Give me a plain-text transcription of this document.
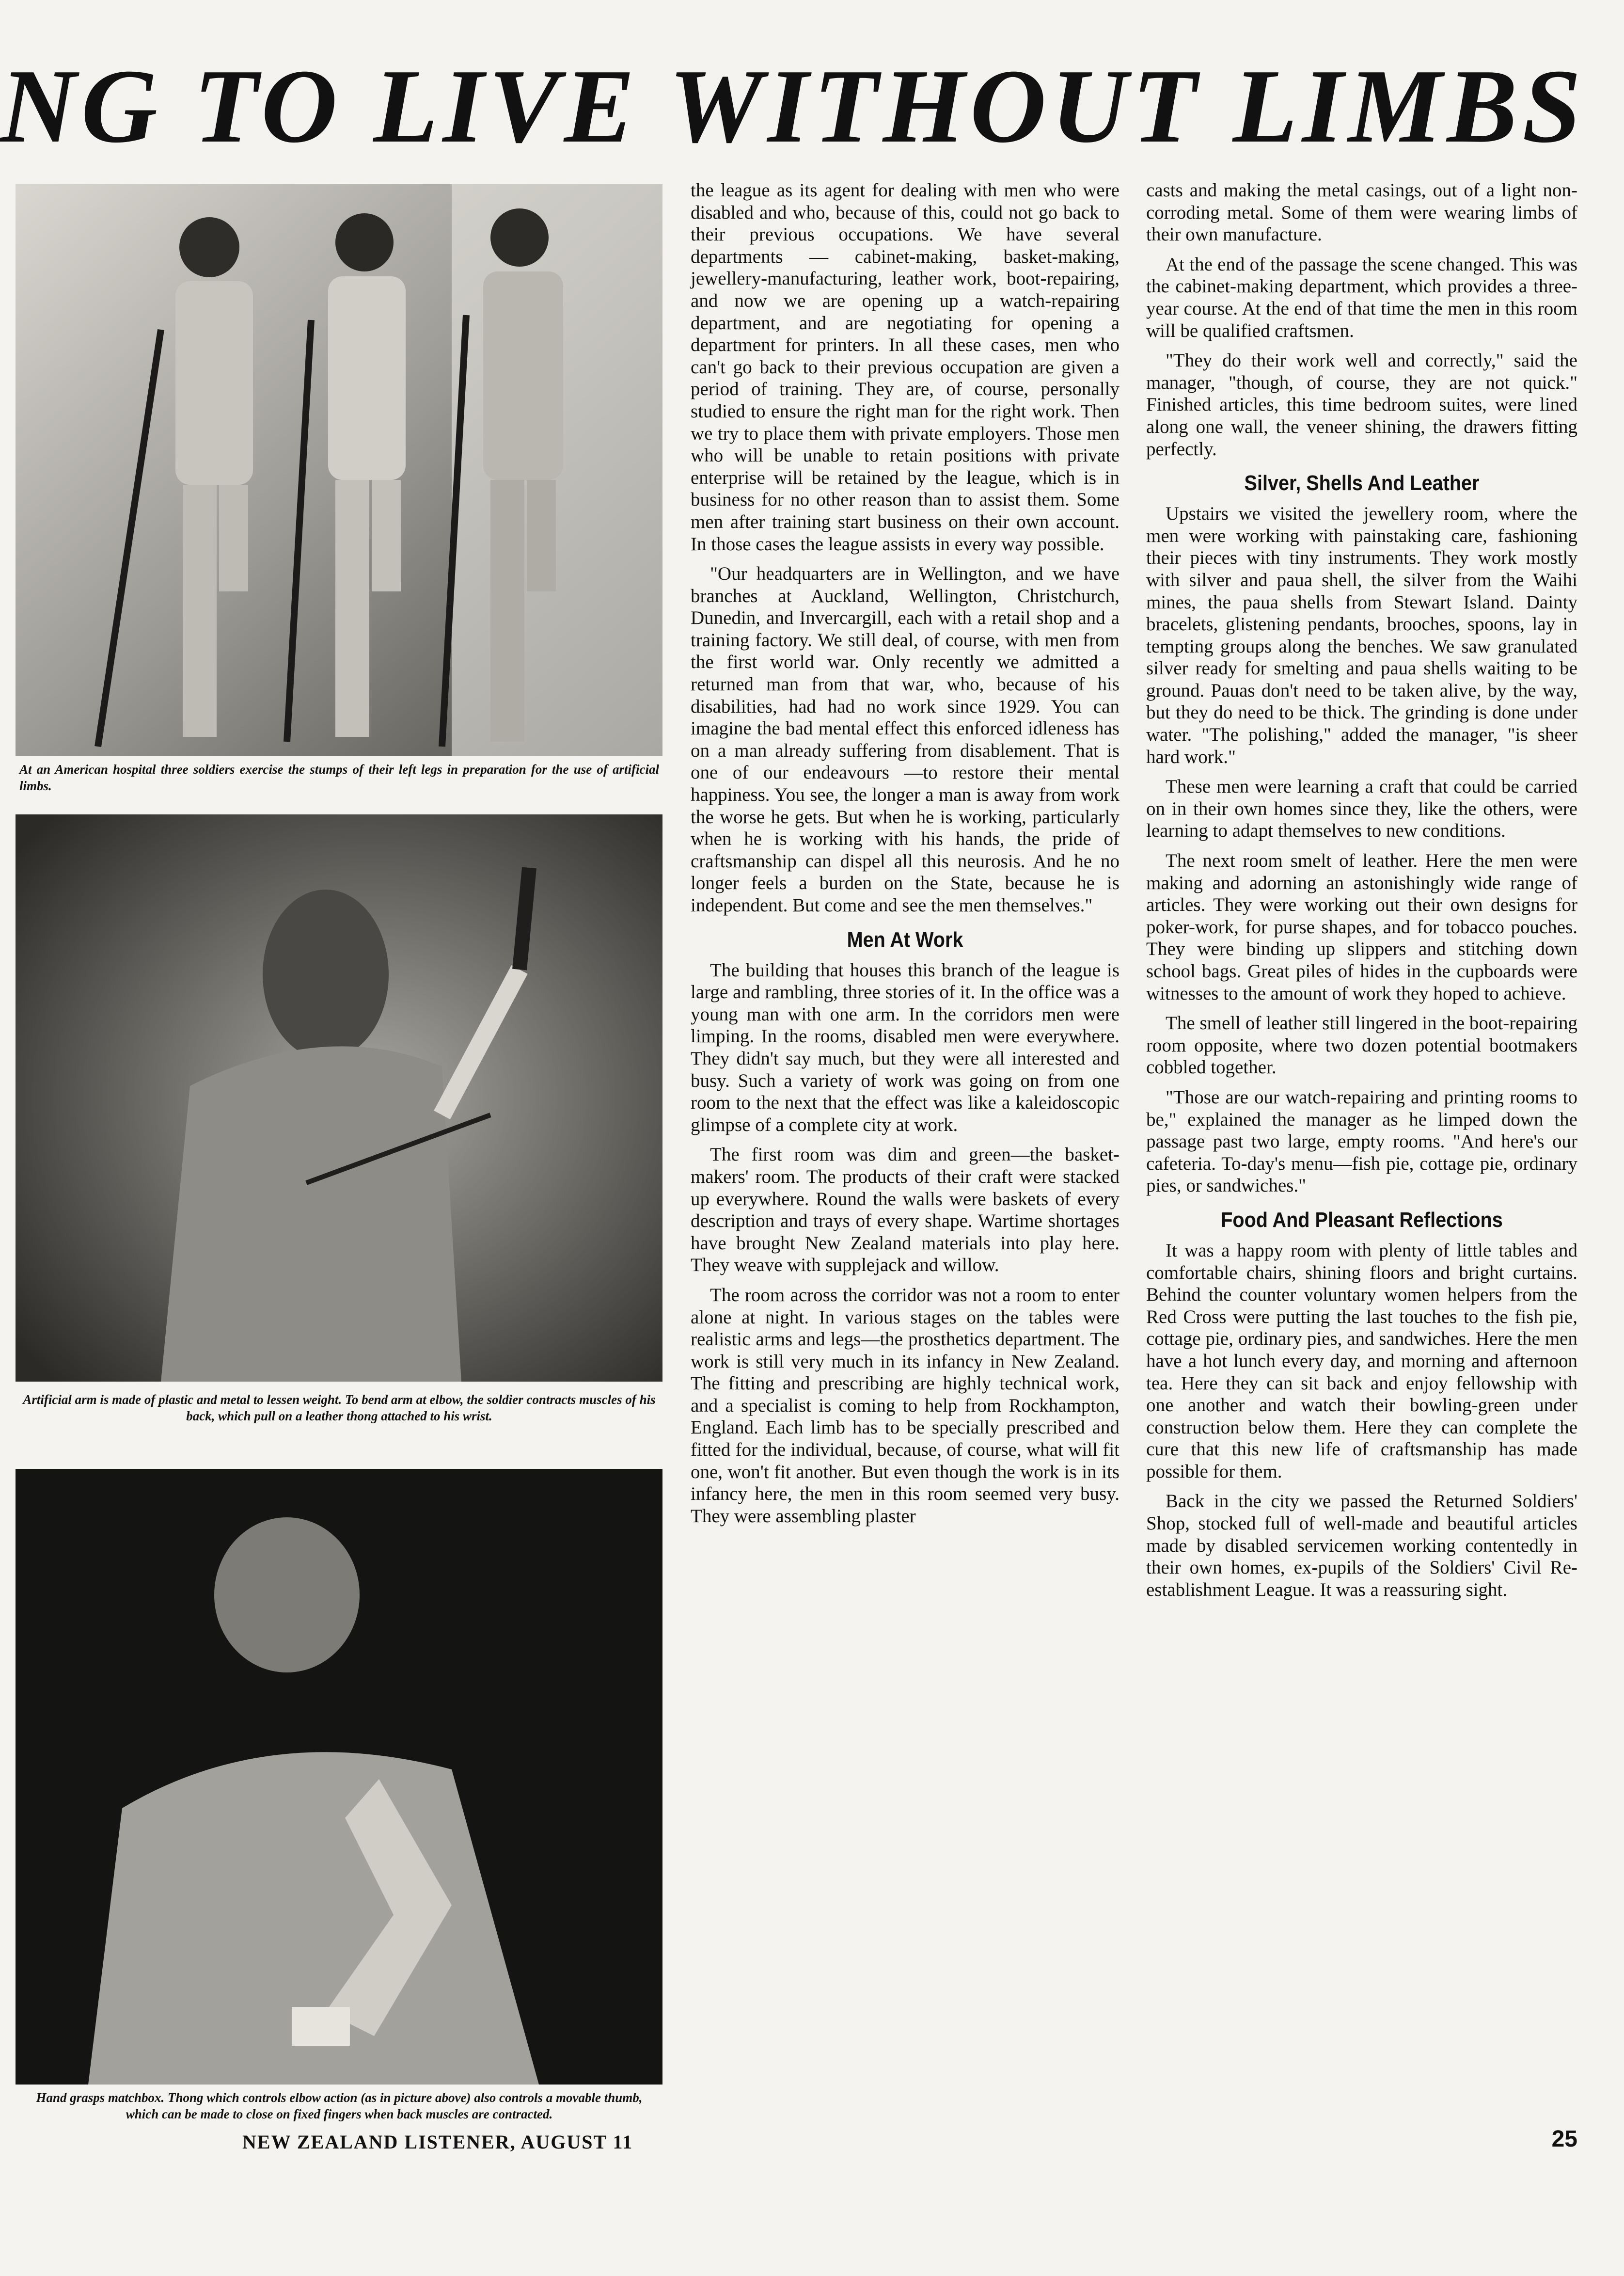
NG TO LIVE WITHOUT LIMBS
At an American hospital three soldiers exercise the stumps of their left legs in preparation for the use of artificial limbs.
Artificial arm is made of plastic and metal to lessen weight. To bend arm at elbow, the soldier contracts muscles of his back, which pull on a leather thong attached to his wrist.
Hand grasps matchbox. Thong which controls elbow action (as in picture above) also controls a movable thumb, which can be made to close on fixed fingers when back muscles are contracted.

the league as its agent for dealing with men who were disabled and who, because of this, could not go back to their previous occupations. We have several departments — cabinet-making, basket-making, jewellery-manufacturing, leather work, boot-repairing, and now we are opening up a watch-repairing department, and are negotiating for opening a department for printers. In all these cases, men who can't go back to their previous occupation are given a period of training. They are, of course, personally studied to ensure the right man for the right work. Then we try to place them with private employers. Those men who will be unable to retain positions with private enterprise will be retained by the league, which is in business for no other reason than to assist them. Some men after training start business on their own account. In those cases the league assists in every way possible.

"Our headquarters are in Wellington, and we have branches at Auckland, Wellington, Christchurch, Dunedin, and Invercargill, each with a retail shop and a training factory. We still deal, of course, with men from the first world war. Only recently we admitted a returned man from that war, who, because of his disabilities, had had no work since 1929. You can imagine the bad mental effect this enforced idleness has on a man already suffering from disablement. That is one of our endeavours —to restore their mental happiness. You see, the longer a man is away from work the worse he gets. But when he is working, particularly when he is working with his hands, the pride of craftsmanship can dispel all this neurosis. And he no longer feels a burden on the State, because he is independent. But come and see the men themselves."

Men At Work

The building that houses this branch of the league is large and rambling, three stories of it. In the office was a young man with one arm. In the corridors men were limping. In the rooms, disabled men were everywhere. They didn't say much, but they were all interested and busy. Such a variety of work was going on from one room to the next that the effect was like a kaleidoscopic glimpse of a complete city at work.

The first room was dim and green—the basket-makers' room. The products of their craft were stacked up everywhere. Round the walls were baskets of every description and trays of every shape. Wartime shortages have brought New Zealand materials into play here. They weave with supplejack and willow.

The room across the corridor was not a room to enter alone at night. In various stages on the tables were realistic arms and legs—the prosthetics department. The work is still very much in its infancy in New Zealand. The fitting and prescribing are highly technical work, and a specialist is coming to help from Rockhampton, England. Each limb has to be specially prescribed and fitted for the individual, because, of course, what will fit one, won't fit another. But even though the work is in its infancy here, the men in this room seemed very busy. They were assembling plaster

casts and making the metal casings, out of a light non-corroding metal. Some of them were wearing limbs of their own manufacture.

At the end of the passage the scene changed. This was the cabinet-making department, which provides a three-year course. At the end of that time the men in this room will be qualified craftsmen.

"They do their work well and correctly," said the manager, "though, of course, they are not quick." Finished articles, this time bedroom suites, were lined along one wall, the veneer shining, the drawers fitting perfectly.

Silver, Shells And Leather

Upstairs we visited the jewellery room, where the men were working with painstaking care, fashioning their pieces with tiny instruments. They work mostly with silver and paua shell, the silver from the Waihi mines, the paua shells from Stewart Island. Dainty bracelets, glistening pendants, brooches, spoons, lay in tempting groups along the benches. We saw granulated silver ready for smelting and paua shells waiting to be ground. Pauas don't need to be taken alive, by the way, but they do need to be thick. The grinding is done under water. "The polishing," added the manager, "is sheer hard work."

These men were learning a craft that could be carried on in their own homes since they, like the others, were learning to adapt themselves to new conditions.

The next room smelt of leather. Here the men were making and adorning an astonishingly wide range of articles. They were working out their own designs for poker-work, for purse shapes, and for tobacco pouches. They were binding up slippers and stitching down school bags. Great piles of hides in the cupboards were witnesses to the amount of work they hoped to achieve.

The smell of leather still lingered in the boot-repairing room opposite, where two dozen potential bootmakers cobbled together.

"Those are our watch-repairing and printing rooms to be," explained the manager as he limped down the passage past two large, empty rooms. "And here's our cafeteria. To-day's menu—fish pie, cottage pie, ordinary pies, or sandwiches."

Food And Pleasant Reflections

It was a happy room with plenty of little tables and comfortable chairs, shining floors and bright curtains. Behind the counter voluntary women helpers from the Red Cross were putting the last touches to the fish pie, cottage pie, ordinary pies, and sandwiches. Here the men have a hot lunch every day, and morning and afternoon tea. Here they can sit back and enjoy fellowship with one another and watch their bowling-green under construction below them. Here they can complete the cure that this new life of craftsmanship has made possible for them.

Back in the city we passed the Returned Soldiers' Shop, stocked full of well-made and beautiful articles made by disabled servicemen working contentedly in their own homes, ex-pupils of the Soldiers' Civil Re-establishment League. It was a reassuring sight.

NEW ZEALAND LISTENER, AUGUST 11	25
